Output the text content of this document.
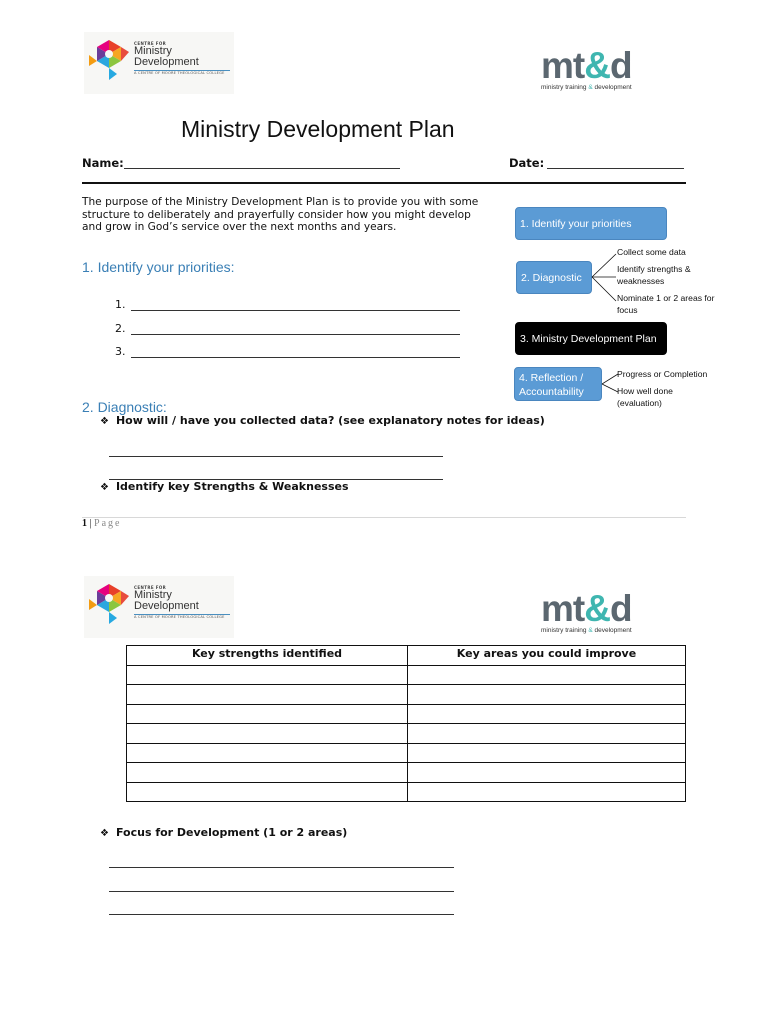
CENTRE FOR
Ministry
Development
A CENTRE OF MOORE THEOLOGICAL COLLEGE	mt&d
ministry training & development
Ministry Development Plan
Name:	Date:
The purpose of the Ministry Development Plan is to provide you with some structure to deliberately and prayerfully consider how you might develop and grow in God’s service over the next months and years.
1. Identify your priorities:
1.
2.
3.
2. Diagnostic:
❖ How will / have you collected data? (see explanatory notes for ideas)
❖ Identify key Strengths & Weaknesses
1. Identify your priorities
2. Diagnostic
Collect some data
Identify strengths & weaknesses
Nominate 1 or 2 areas for focus
3. Ministry Development Plan
4. Reflection /
Accountability
Progress or Completion
How well done (evaluation)
1 | Page
CENTRE FOR
Ministry
Development
A CENTRE OF MOORE THEOLOGICAL COLLEGE	mt&d
ministry training & development
Key strengths identified	Key areas you could improve

❖ Focus for Development (1 or 2 areas)
